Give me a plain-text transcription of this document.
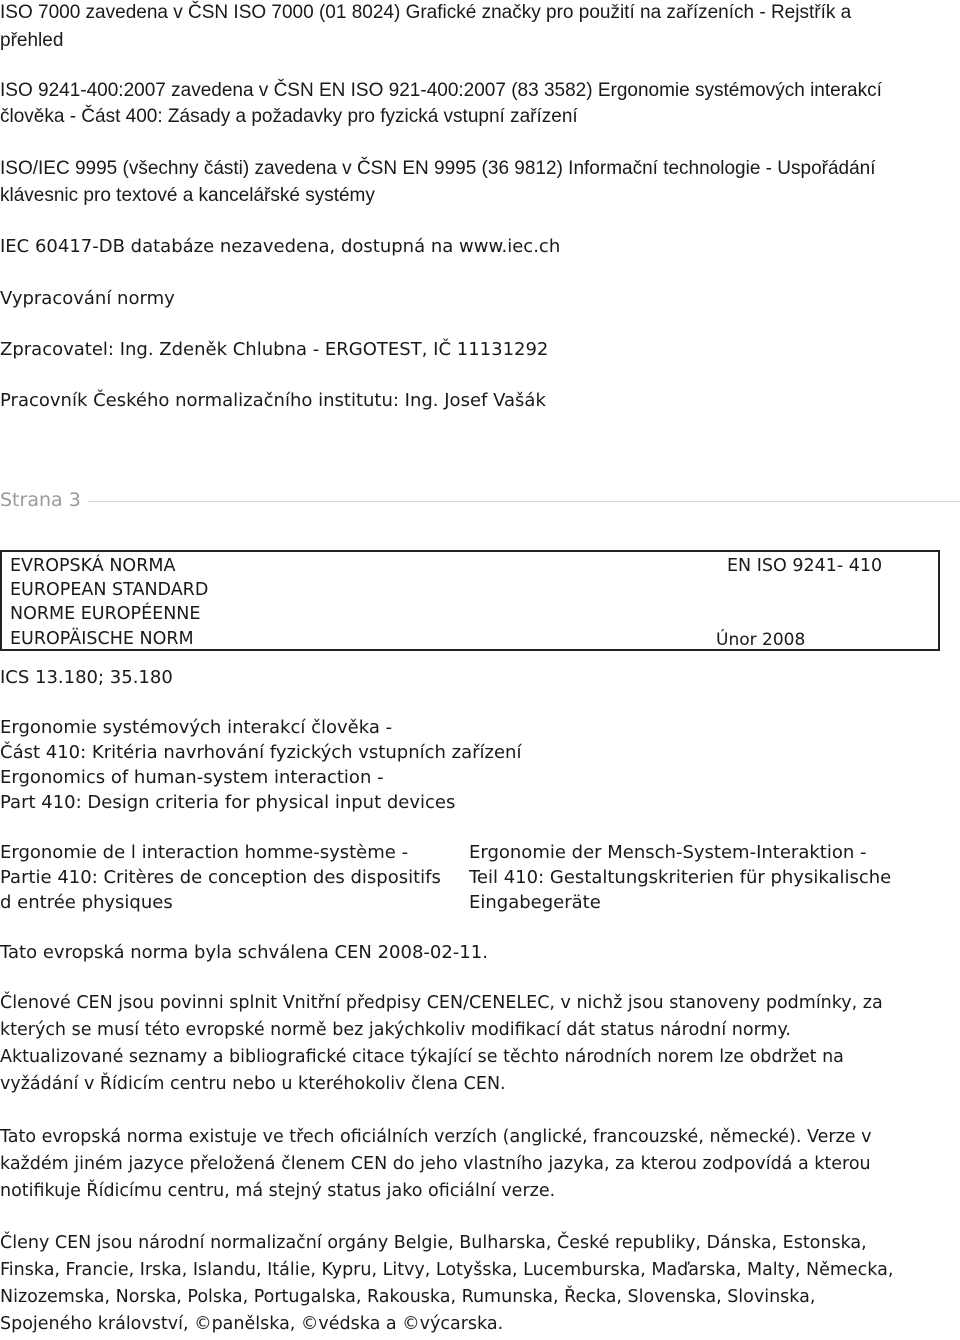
ISO 7000 zavedena v ČSN ISO 7000 (01 8024) Grafické značky pro použití na zařízeních - Rejstřík a
přehled
ISO 9241-400:2007 zavedena v ČSN EN ISO 921-400:2007 (83 3582) Ergonomie systémových interakcí
člověka - Část 400: Zásady a požadavky pro fyzická vstupní zařízení
ISO/IEC 9995 (všechny části) zavedena v ČSN EN 9995 (36 9812) Informační technologie - Uspořádání
klávesnic pro textové a kancelářské systémy
IEC 60417-DB databáze nezavedena, dostupná na www.iec.ch
Vypracování normy
Zpracovatel: Ing. Zdeněk Chlubna - ERGOTEST, IČ 11131292
Pracovník Českého normalizačního institutu: Ing. Josef Vašák
Strana 3
EVROPSKÁ NORMA
EUROPEAN STANDARD
NORME EUROPÉENNE
EUROPÄISCHE NORM
EN ISO 9241- 410
Únor 2008
ICS 13.180; 35.180
Ergonomie systémových interakcí člověka -
Část 410: Kritéria navrhování fyzických vstupních zařízení
Ergonomics of human-system interaction -
Part 410: Design criteria for physical input devices
Ergonomie de l interaction homme-système -
Partie 410: Critères de conception des dispositifs
d entrée physiques
Ergonomie der Mensch-System-Interaktion -
Teil 410: Gestaltungskriterien für physikalische
Eingabegeräte
Tato evropská norma byla schválena CEN 2008-02-11.
Členové CEN jsou povinni splnit Vnitřní předpisy CEN/CENELEC, v nichž jsou stanoveny podmínky, za
kterých se musí této evropské normě bez jakýchkoliv modifikací dát status národní normy.
Aktualizované seznamy a bibliografické citace týkající se těchto národních norem lze obdržet na
vyžádání v Řídicím centru nebo u kteréhokoliv člena CEN.
Tato evropská norma existuje ve třech oficiálních verzích (anglické, francouzské, německé). Verze v
každém jiném jazyce přeložená členem CEN do jeho vlastního jazyka, za kterou zodpovídá a kterou
notifikuje Řídicímu centru, má stejný status jako oficiální verze.
Členy CEN jsou národní normalizační orgány Belgie, Bulharska, České republiky, Dánska, Estonska,
Finska, Francie, Irska, Islandu, Itálie, Kypru, Litvy, Lotyšska, Lucemburska, Maďarska, Malty, Německa,
Nizozemska, Norska, Polska, Portugalska, Rakouska, Rumunska, Řecka, Slovenska, Slovinska,
Spojeného království, ©panělska, ©védska a ©výcarska.
